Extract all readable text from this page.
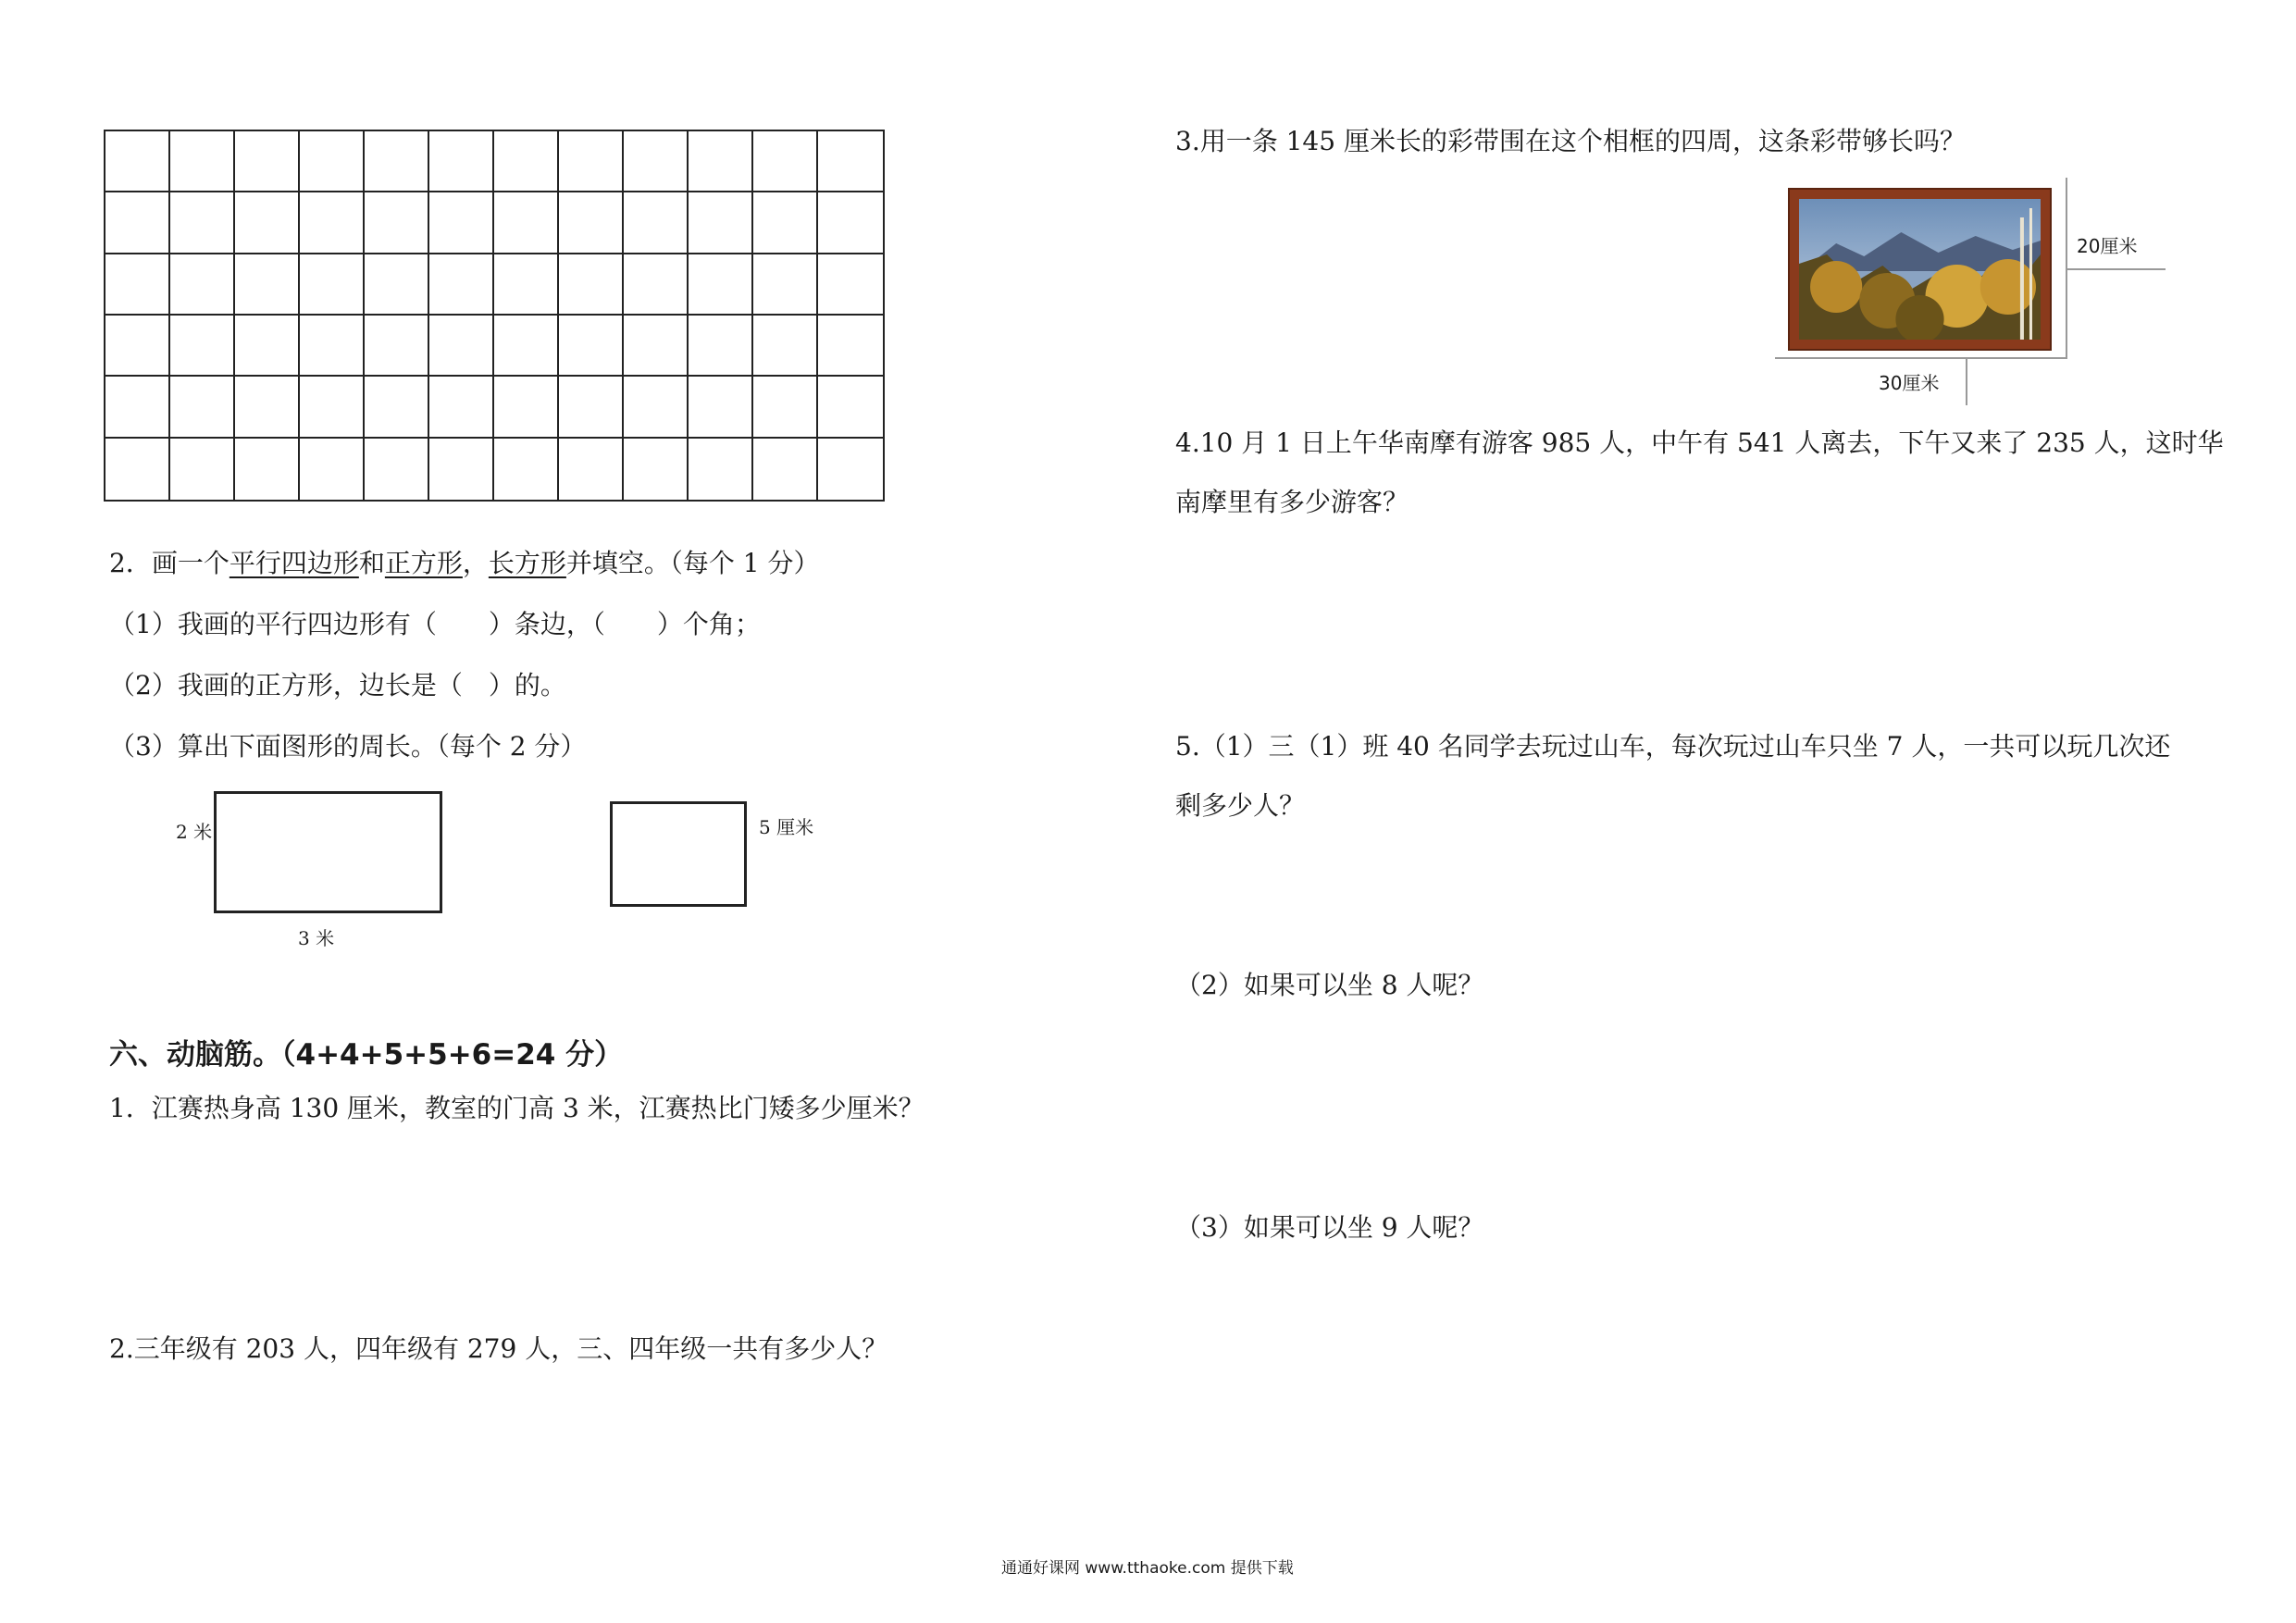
2．画一个平行四边形和正方形，长方形并填空。（每个 1 分）
（1）我画的平行四边形有（　　）条边，（　　）个角；
（2）我画的正方形，边长是（　）的。
（3）算出下面图形的周长。（每个 2 分）
2 米
3 米
5 厘米
六、动脑筋。（4+4+5+5+6=24 分）
1．江赛热身高 130 厘米，教室的门高 3 米，江赛热比门矮多少厘米？
2.三年级有 203 人，四年级有 279 人，三、四年级一共有多少人？
3.用一条 145 厘米长的彩带围在这个相框的四周，这条彩带够长吗？
20厘米
30厘米
4.10 月 1 日上午华南摩有游客 985 人，中午有 541 人离去，下午又来了 235 人，这时华
南摩里有多少游客？
5.（1）三（1）班 40 名同学去玩过山车，每次玩过山车只坐 7 人，一共可以玩几次还
剩多少人？
（2）如果可以坐 8 人呢？
（3）如果可以坐 9 人呢？
通通好课网 www.tthaoke.com 提供下载
